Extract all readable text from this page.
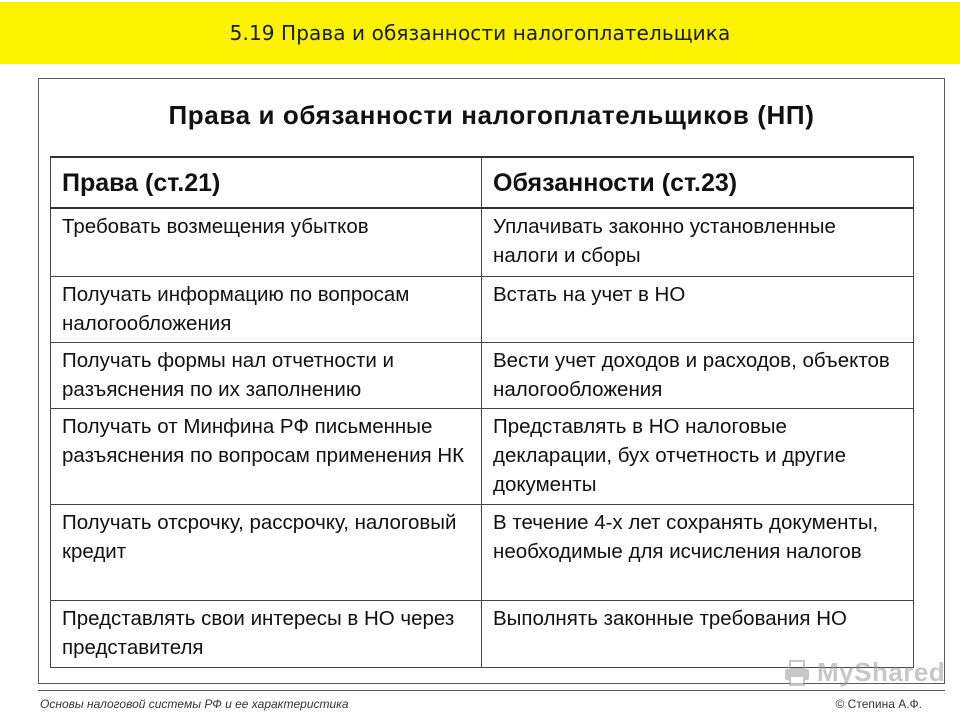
5.19 Права и обязанности налогоплательщика
Права и обязанности налогоплательщиков (НП)
Права (ст.21)	Обязанности (ст.23)
Требовать возмещения убытков	Уплачивать законно установленные налоги и сборы
Получать информацию по вопросам налогообложения	Встать на учет в НО
Получать формы нал отчетности и разъяснения по их заполнению	Вести учет доходов и расходов, объектов налогообложения
Получать от Минфина РФ письменные разъяснения по вопросам применения НК	Представлять в НО налоговые декларации, бух отчетность и другие документы
Получать отсрочку, рассрочку, налоговый кредит	В течение 4-х лет сохранять документы, необходимые для исчисления налогов
Представлять свои интересы в НО через представителя	Выполнять законные требования НО
MyShared
Основы налоговой системы РФ и ее характеристика	© Степина А.Ф.
